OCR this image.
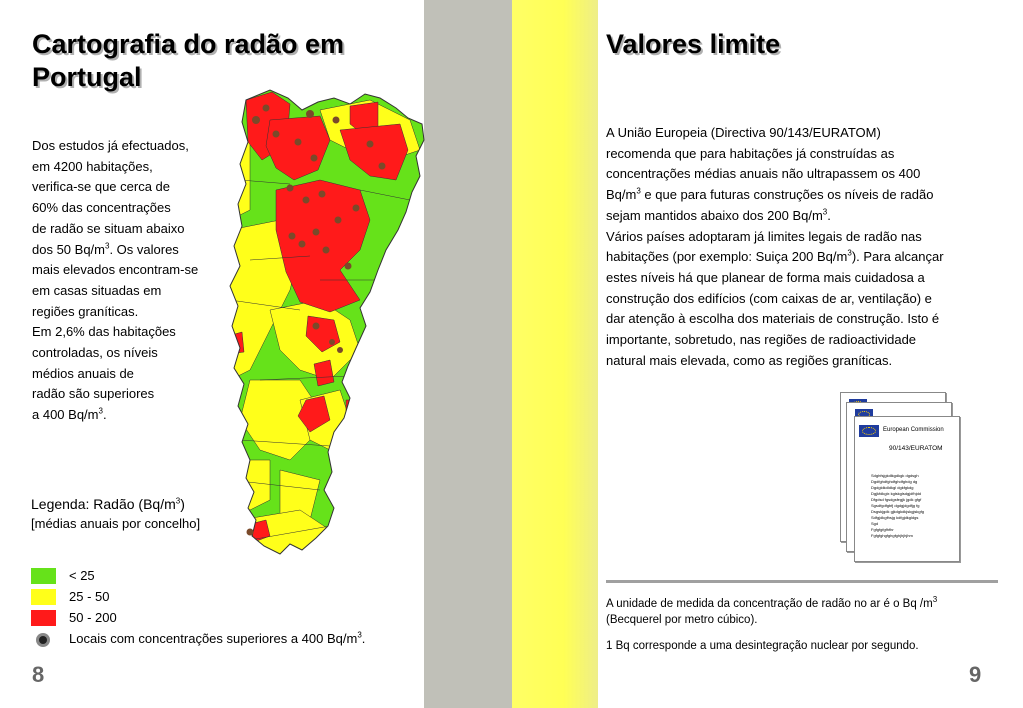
Cartografia do radão em
Portugal
Dos estudos já efectuados,
em 4200 habitações,
verifica-se que cerca de
60% das concentrações
de radão se situam abaixo
dos 50 $Bq/m^3$. Os valores
mais elevados encontram-se
em casas situadas em
regiões graníticas.
Em 2,6% das habitações
controladas, os níveis
médios anuais de
radão são superiores
a 400 $Bq/m^3$.
Legenda: Radão $(Bq/m^3)$
[médias anuais por concelho]
< 25
25 - 50
50 - 200
Locais com concentrações superiores a 400 $Bq/m^3$.
8
Valores limite
A União Europeia (Directiva 90/143/EURATOM)
recomenda que para habitações já construídas as
concentrações médias anuais não ultrapassem os 400
$Bq/m^3$ e que para futuras construções os níveis de radão
sejam mantidos abaixo dos 200 $Bq/m^3$.
Vários países adoptaram já limites legais de radão nas
habitações (por exemplo: Suiça 200 $Bq/m^3$). Para alcançar
estes níveis há que planear de forma mais cuidadosa a
construção dos edifícios (com caixas de ar, ventilação) e
dar atenção à escolha dos materiais de construção. Isto é
importante, sobretudo, nas regiões de radioactividade
natural mais elevada, como as regiões graníticas.
European Commission
90/143/EURATOM
Sdghfsjgkdlkgdkgk dgdsgh
Dgdfghdfghdfghdfghdg dg
Dgdgldkdldkgl dgkfgkdg
Dgjkfdkglx kglskglsdgjdfhjdd
Dfgdsd fgsdgsfegjk jgdk gfgf
Sgsdfgdfgbfj dgdgjdgdfjg fg
Dsgskjgdk gjkdgkdkjskgjskgfg
Sdfgjdkgfhsjg kdfgjdkgldgs
Sgd
Fgfgfgfgfhfhr
Fgfgfghgfghgfghjhjhjhm
A unidade de medida da concentração de radão no ar é o Bq $/m^3$
(Becquerel por metro cúbico).
1 Bq corresponde a uma desintegração nuclear por segundo.
9
